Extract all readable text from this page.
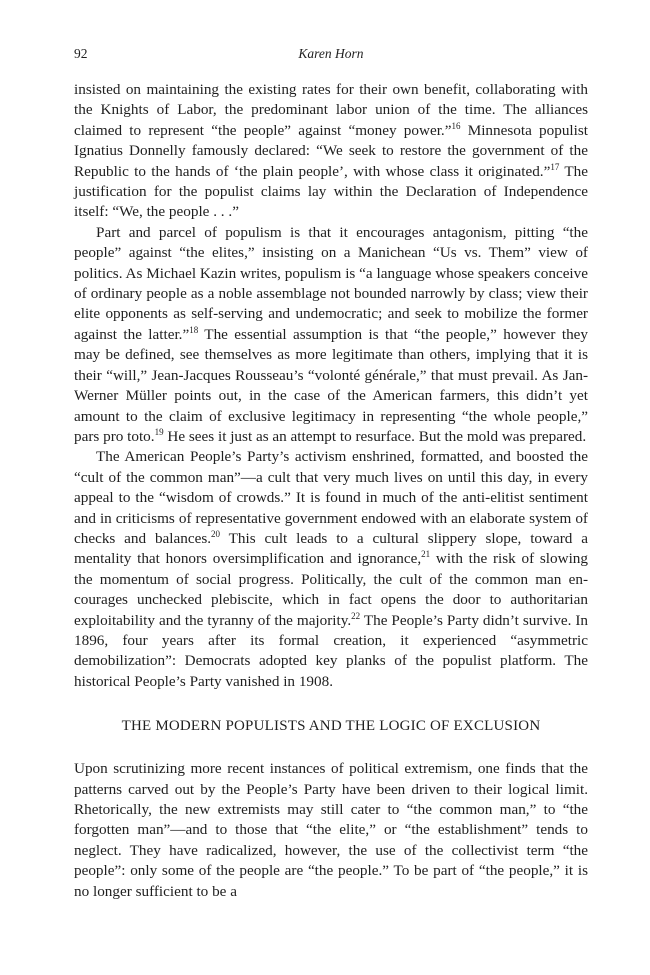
92	Karen Horn

insisted on maintaining the existing rates for their own benefit, collaborating with the Knights of Labor, the predominant labor union of the time. The alliances claimed to represent “the people” against “money power.”$^{16}$ Minnesota populist Ignatius Donnelly famously declared: “We seek to restore the government of the Republic to the hands of ‘the plain people’, with whose class it originated.”$^{17}$ The justification for the populist claims lay within the Declaration of Independence itself: “We, the people . . .”

Part and parcel of populism is that it encourages antagonism, pitting “the people” against “the elites,” insisting on a Manichean “Us vs. Them” view of politics. As Michael Kazin writes, populism is “a language whose speakers conceive of ordinary people as a noble assemblage not bounded narrowly by class; view their elite opponents as self-serving and undemocratic; and seek to mobilize the former against the latter.”$^{18}$ The essential assumption is that “the people,” however they may be defined, see themselves as more legitimate than others, implying that it is their “will,” Jean-Jacques Rousseau’s “volonté générale,” that must prevail. As Jan-Werner Müller points out, in the case of the American farmers, this didn’t yet amount to the claim of exclusive legitimacy in representing “the whole people,” pars pro toto.$^{19}$ He sees it just as an attempt to resurface. But the mold was prepared.

The American People’s Party’s activism enshrined, formatted, and boosted the “cult of the common man”—a cult that very much lives on until this day, in every appeal to the “wisdom of crowds.” It is found in much of the anti-elitist sentiment and in criticisms of representative government endowed with an elaborate system of checks and balances.$^{20}$ This cult leads to a cultural slippery slope, toward a mentality that honors oversimplification and ignorance,$^{21}$ with the risk of slowing the momentum of social progress. Politically, the cult of the common man encourages unchecked plebiscite, which in fact opens the door to authoritarian exploitability and the tyranny of the majority.$^{22}$ The People’s Party didn’t survive. In 1896, four years after its formal creation, it experienced “asymmetric demobilization”: Democrats adopted key planks of the populist platform. The historical People’s Party vanished in 1908.

THE MODERN POPULISTS AND THE LOGIC OF EXCLUSION

Upon scrutinizing more recent instances of political extremism, one finds that the patterns carved out by the People’s Party have been driven to their logical limit. Rhetorically, the new extremists may still cater to “the common man,” to “the forgotten man”—and to those that “the elite,” or “the establishment” tends to neglect. They have radicalized, however, the use of the collectivist term “the people”: only some of the people are “the people.” To be part of “the people,” it is no longer sufficient to be a
